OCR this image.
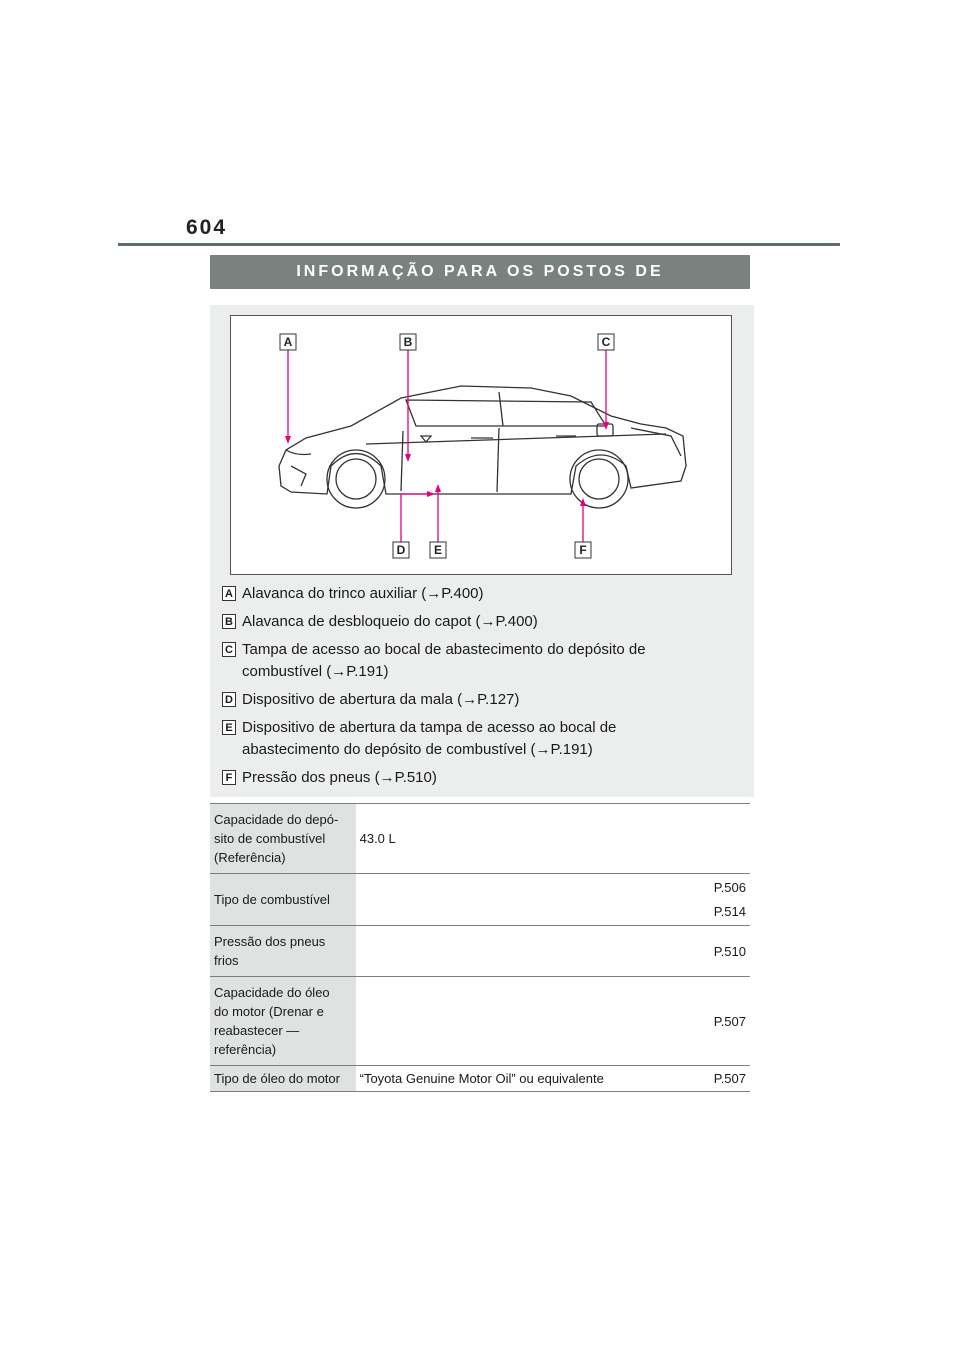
604
INFORMAÇÃO PARA OS POSTOS DE
A	B	C
D E	F
A Alavanca do trinco auxiliar (→P.400)
B Alavanca de desbloqueio do capot (→P.400)
C Tampa de acesso ao bocal de abastecimento do depósito de
combustível (→P.191)
D Dispositivo de abertura da mala (→P.127)
E Dispositivo de abertura da tampa de acesso ao bocal de
abastecimento do depósito de combustível (→P.191)
F Pressão dos pneus (→P.510)
Capacidade do depó-
sito de combustível
(Referência)	43.0 L	

Tipo de combustível		P.506
P.514

Pressão dos pneus
frios		P.510

Capacidade do óleo
do motor (Drenar e
reabastecer —
referência)		P.507

Tipo de óleo do motor	“Toyota Genuine Motor Oil” ou equivalente	P.507
